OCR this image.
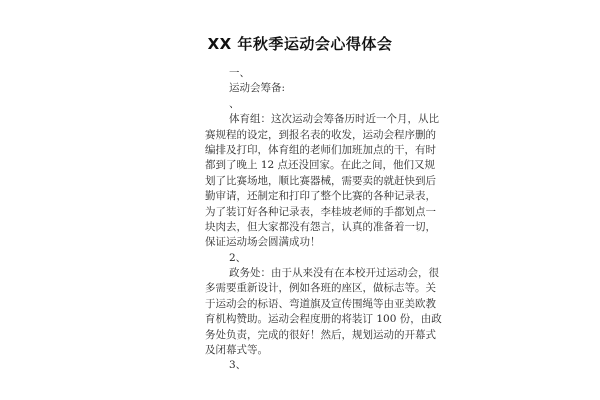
XX 年秋季运动会心得体会
一、
运动会筹备:
、
体育组：这次运动会筹备历时近一个月，从比
赛规程的设定，到报名表的收发，运动会程序删的
编排及打印，体育组的老师们加班加点的干，有时
都到了晚上 12 点还没回家。在此之间，他们又规
划了比赛场地，顺比赛器械，需要卖的就赶快到后
勤审请，还制定和打印了整个比赛的各种记录表，
为了装订好各种记录表，李桂坡老师的手都划点一
块肉去，但大家都没有怨言，认真的准备着一切，
保证运动场会圆满成功！
2、
政务处：由于从来没有在本校开过运动会，很
多需要重新设计，例如各班的座区，做标志等。关
于运动会的标语、弯道旗及宣传围绳等由亚美欧教
育机构赞助。运动会程度册的将装订 100 份，由政
务处负责，完成的很好！然后，规划运动的开幕式
及闭幕式等。
3、
